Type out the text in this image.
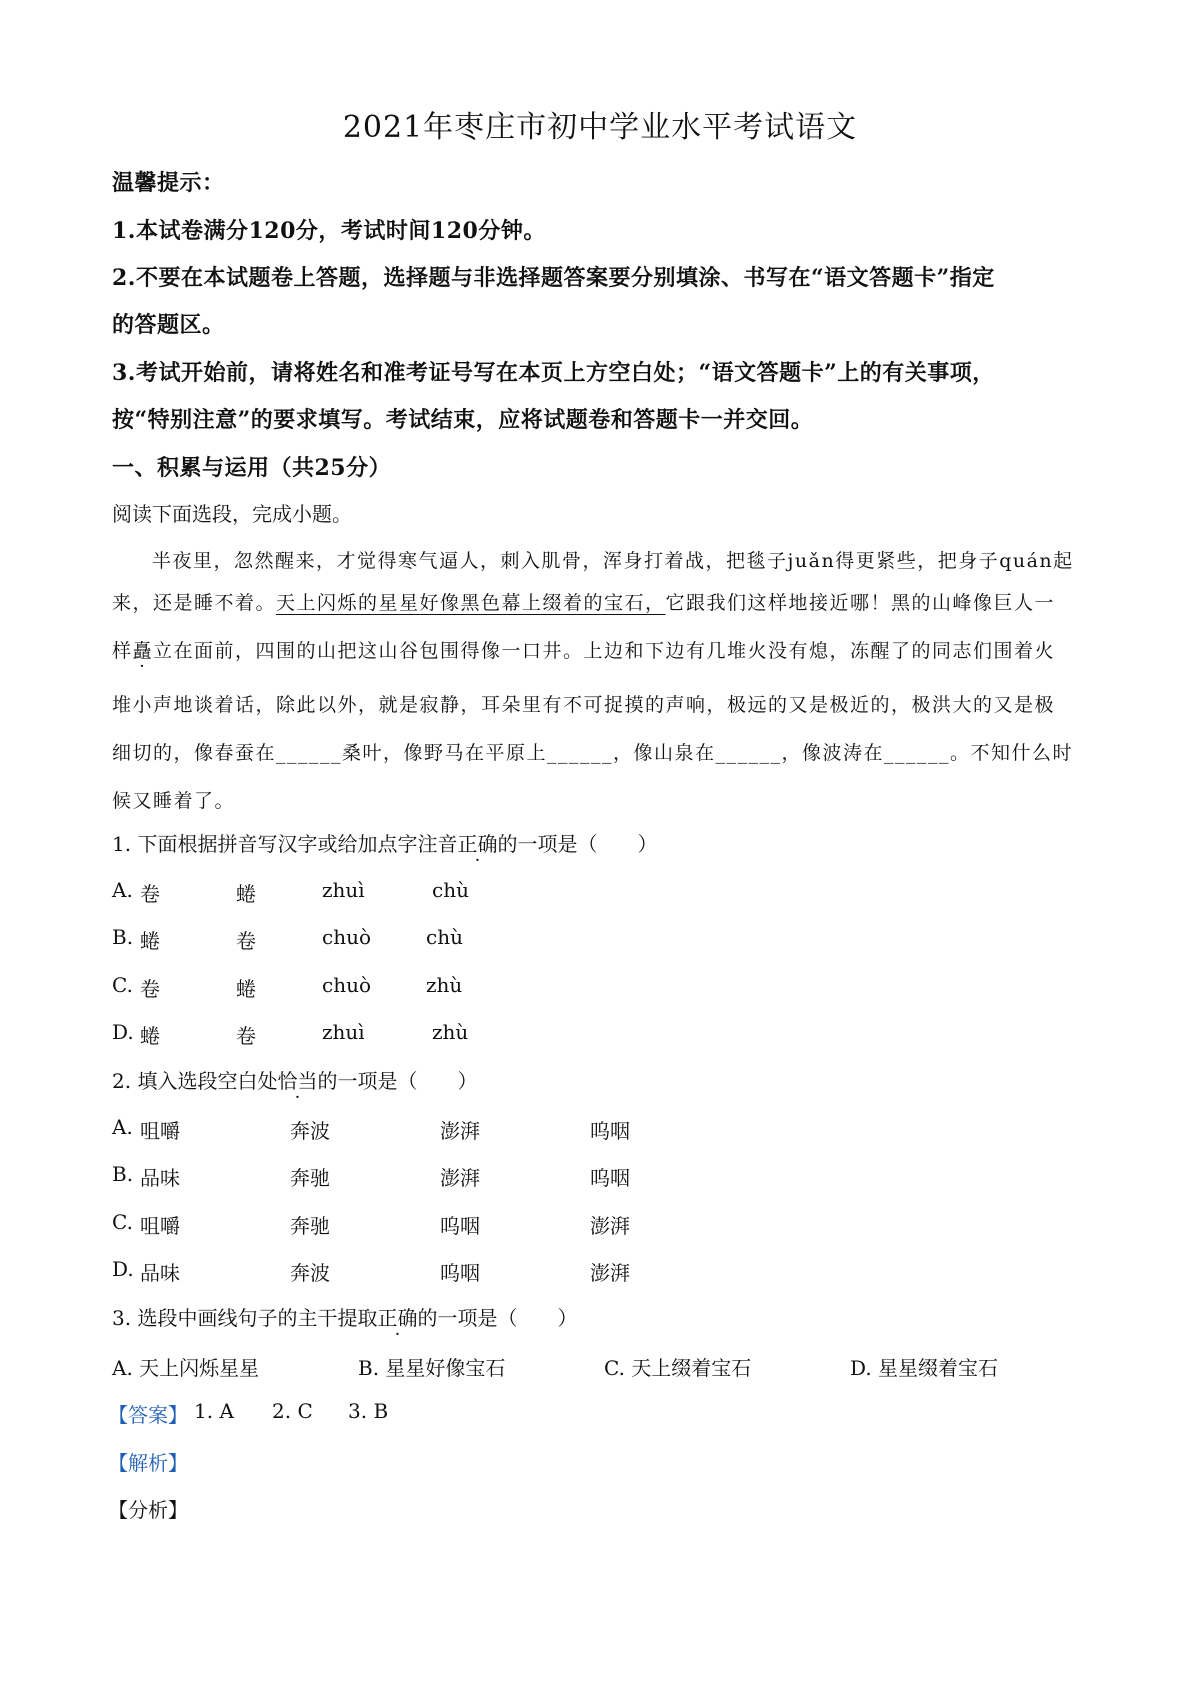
2021年枣庄市初中学业水平考试语文
温馨提示：
1.本试卷满分120分，考试时间120分钟。
2.不要在本试题卷上答题，选择题与非选择题答案要分别填涂、书写在“语文答题卡”指定
的答题区。
3.考试开始前，请将姓名和准考证号写在本页上方空白处；“语文答题卡”上的有关事项，
按“特别注意”的要求填写。考试结束，应将试题卷和答题卡一并交回。
一、积累与运用（共25分）
阅读下面选段，完成小题。
半夜里，忽然醒来，才觉得寒气逼人，刺入肌骨，浑身打着战，把毯子juǎn得更紧些，把身子quán起
来，还是睡不着。天上闪烁的星星好像黑色幕上缀着的宝石，它跟我们这样地接近哪！黑的山峰像巨人一
样矗立在面前，四围的山把这山谷包围得像一口井。上边和下边有几堆火没有熄，冻醒了的同志们围着火
堆小声地谈着话，除此以外，就是寂静，耳朵里有不可捉摸的声响，极远的又是极近的，极洪大的又是极
细切的，像春蚕在______桑叶，像野马在平原上______，像山泉在______，像波涛在______。不知什么时
候又睡着了。
1. 下面根据拼音写汉字或给加点字注音正确的一项是（　　）
A. 卷	蜷	zhuì	chù
B. 蜷	卷	chuò	chù
C. 卷	蜷	chuò	zhù
D. 蜷	卷	zhuì	zhù
2. 填入选段空白处恰当的一项是（　　）
A. 咀嚼	奔波	澎湃	呜咽
B. 品味	奔驰	澎湃	呜咽
C. 咀嚼	奔驰	呜咽	澎湃
D. 品味	奔波	呜咽	澎湃
3. 选段中画线句子的主干提取正确的一项是（　　）
A. 天上闪烁星星	B. 星星好像宝石	C. 天上缀着宝石	D. 星星缀着宝石
【答案】 1. A 2. C 3. B
【解析】
【分析】
